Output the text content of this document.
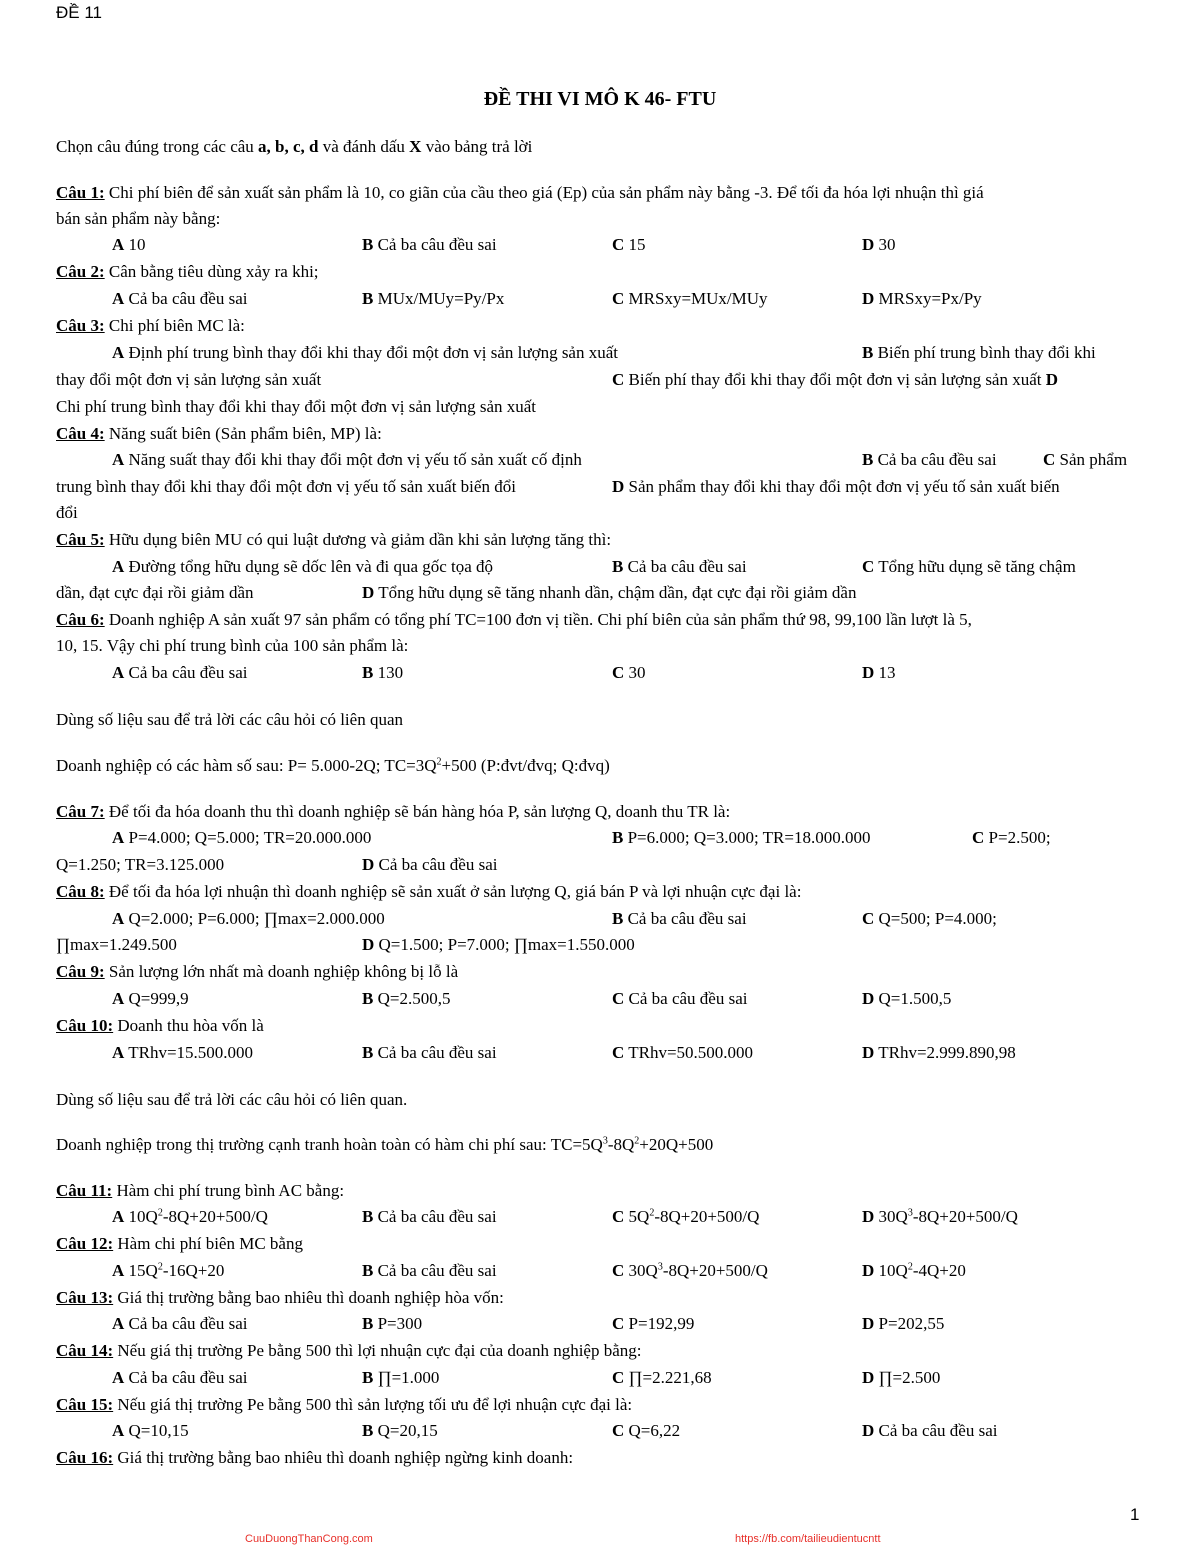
ĐỀ 11
ĐỀ THI VI MÔ K 46- FTU
Chọn câu đúng trong các câu a, b, c, d và đánh dấu X vào bảng trả lời
Câu 1: Chi phí biên để sản xuất sản phẩm là 10, co giãn của cầu theo giá (Ep) của sản phẩm này bằng -3. Để tối đa hóa lợi nhuận thì giá
bán sản phẩm này bằng:
A 10	B Cả ba câu đều sai	C 15	D 30
Câu 2: Cân bằng tiêu dùng xảy ra khi;
A Cả ba câu đều sai	B MUx/MUy=Py/Px	C MRSxy=MUx/MUy	D MRSxy=Px/Py
Câu 3: Chi phí biên MC là:
A Định phí trung bình thay đổi khi thay đổi một đơn vị sản lượng sản xuất	B Biến phí trung bình thay đổi khi
thay đổi một đơn vị sản lượng sản xuất	C Biến phí thay đổi khi thay đổi một đơn vị sản lượng sản xuất D
Chi phí trung bình thay đổi khi thay đổi một đơn vị sản lượng sản xuất
Câu 4: Năng suất biên (Sản phẩm biên, MP) là:
A Năng suất thay đổi khi thay đổi một đơn vị yếu tố sản xuất cố định	B Cả ba câu đều sai	C Sản phẩm
trung bình thay đổi khi thay đổi một đơn vị yếu tố sản xuất biến đổi	D Sản phẩm thay đổi khi thay đổi một đơn vị yếu tố sản xuất biến
đổi
Câu 5: Hữu dụng biên MU có qui luật dương và giảm dần khi sản lượng tăng thì:
A Đường tổng hữu dụng sẽ dốc lên và đi qua gốc tọa độ	B Cả ba câu đều sai	C Tổng hữu dụng sẽ tăng chậm
dần, đạt cực đại rồi giảm dần	D Tổng hữu dụng sẽ tăng nhanh dần, chậm dần, đạt cực đại rồi giảm dần
Câu 6: Doanh nghiệp A sản xuất 97 sản phẩm có tổng phí TC=100 đơn vị tiền. Chi phí biên của sản phẩm thứ 98, 99,100 lần lượt là 5,
10, 15. Vậy chi phí trung bình của 100 sản phẩm là:
A Cả ba câu đều sai	B 130	C 30	D 13
Dùng số liệu sau để trả lời các câu hỏi có liên quan
Doanh nghiệp có các hàm số sau: P= 5.000-2Q; $TC=3Q^2+500$ (P:đvt/đvq; Q:đvq)
Câu 7: Để tối đa hóa doanh thu thì doanh nghiệp sẽ bán hàng hóa P, sản lượng Q, doanh thu TR là:
A P=4.000; Q=5.000; TR=20.000.000	B P=6.000; Q=3.000; TR=18.000.000	C P=2.500;
Q=1.250; TR=3.125.000	D Cả ba câu đều sai
Câu 8: Để tối đa hóa lợi nhuận thì doanh nghiệp sẽ sản xuất ở sản lượng Q, giá bán P và lợi nhuận cực đại là:
A Q=2.000; P=6.000; ∏max=2.000.000	B Cả ba câu đều sai	C Q=500; P=4.000;
∏max=1.249.500	D Q=1.500; P=7.000; ∏max=1.550.000
Câu 9: Sản lượng lớn nhất mà doanh nghiệp không bị lỗ là
A Q=999,9	B Q=2.500,5	C Cả ba câu đều sai	D Q=1.500,5
Câu 10: Doanh thu hòa vốn là
A TRhv=15.500.000	B Cả ba câu đều sai	C TRhv=50.500.000	D TRhv=2.999.890,98
Dùng số liệu sau để trả lời các câu hỏi có liên quan.
Doanh nghiệp trong thị trường cạnh tranh hoàn toàn có hàm chi phí sau: $TC=5Q^3-8Q^2+20Q+500$
Câu 11: Hàm chi phí trung bình AC bằng:
A $10Q^2-8Q+20+500/Q$	B Cả ba câu đều sai	C $5Q^2-8Q+20+500/Q$	D $30Q^3-8Q+20+500/Q$
Câu 12: Hàm chi phí biên MC bằng
A $15Q^2-16Q+20$	B Cả ba câu đều sai	C $30Q^3-8Q+20+500/Q$	D $10Q^2-4Q+20$
Câu 13: Giá thị trường bằng bao nhiêu thì doanh nghiệp hòa vốn:
A Cả ba câu đều sai	B P=300	C P=192,99	D P=202,55
Câu 14: Nếu giá thị trường Pe bằng 500 thì lợi nhuận cực đại của doanh nghiệp bằng:
A Cả ba câu đều sai	B ∏=1.000	C ∏=2.221,68	D ∏=2.500
Câu 15: Nếu giá thị trường Pe bằng 500 thì sản lượng tối ưu để lợi nhuận cực đại là:
A Q=10,15	B Q=20,15	C Q=6,22	D Cả ba câu đều sai
Câu 16: Giá thị trường bằng bao nhiêu thì doanh nghiệp ngừng kinh doanh:
1
CuuDuongThanCong.com	https://fb.com/tailieudientucntt
